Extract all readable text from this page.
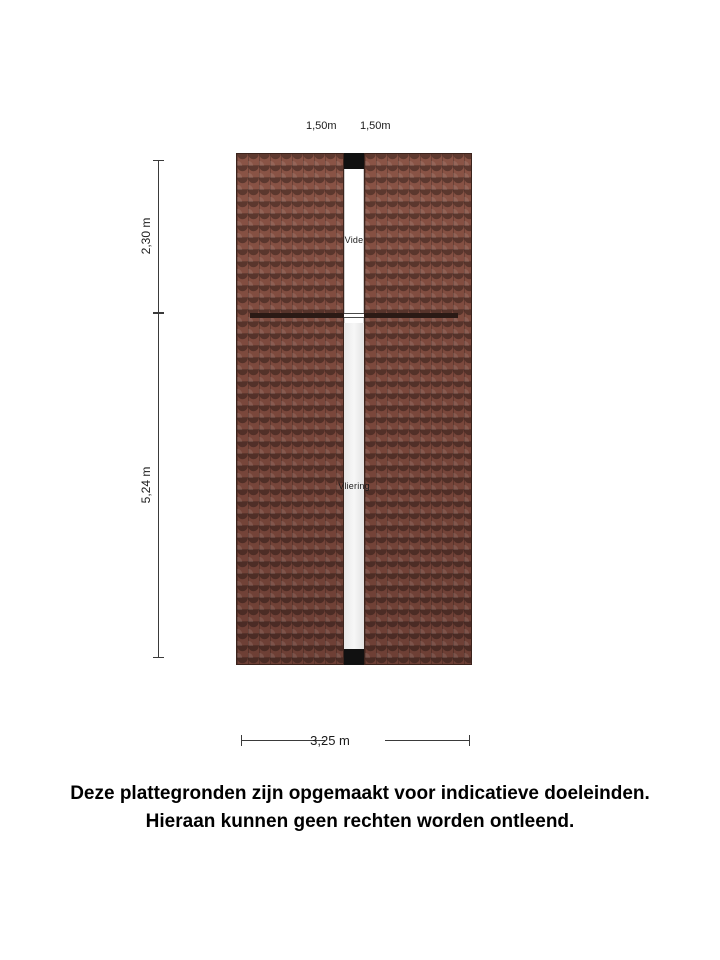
1,50m 1,50m
2,30 m
5,24 m
Vide
Vliering
3,25 m
Deze plattegronden zijn opgemaakt voor indicatieve doeleinden.
Hieraan kunnen geen rechten worden ontleend.
